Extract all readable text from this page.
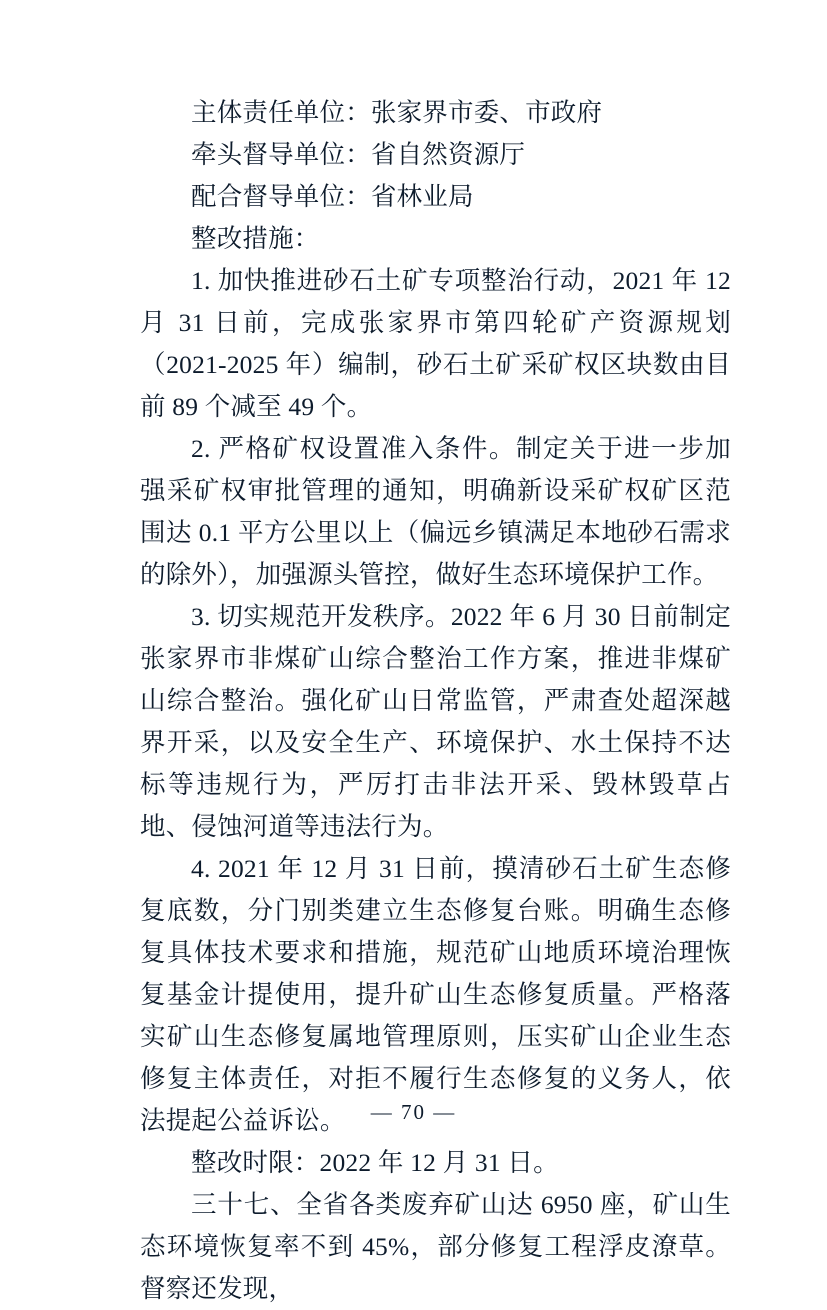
主体责任单位：张家界市委、市政府

牵头督导单位：省自然资源厅

配合督导单位：省林业局

整改措施：

1. 加快推进砂石土矿专项整治行动，2021 年 12 月 31 日前，完成张家界市第四轮矿产资源规划（2021-2025 年）编制，砂石土矿采矿权区块数由目前 89 个减至 49 个。

2. 严格矿权设置准入条件。制定关于进一步加强采矿权审批管理的通知，明确新设采矿权矿区范围达 0.1 平方公里以上（偏远乡镇满足本地砂石需求的除外），加强源头管控，做好生态环境保护工作。

3. 切实规范开发秩序。2022 年 6 月 30 日前制定张家界市非煤矿山综合整治工作方案，推进非煤矿山综合整治。强化矿山日常监管，严肃查处超深越界开采，以及安全生产、环境保护、水土保持不达标等违规行为，严厉打击非法开采、毁林毁草占地、侵蚀河道等违法行为。

4. 2021 年 12 月 31 日前，摸清砂石土矿生态修复底数，分门别类建立生态修复台账。明确生态修复具体技术要求和措施，规范矿山地质环境治理恢复基金计提使用，提升矿山生态修复质量。严格落实矿山生态修复属地管理原则，压实矿山企业生态修复主体责任，对拒不履行生态修复的义务人，依法提起公益诉讼。

整改时限：2022 年 12 月 31 日。

三十七、全省各类废弃矿山达 6950 座，矿山生态环境恢复率不到 45%，部分修复工程浮皮潦草。督察还发现，

— 70 —
